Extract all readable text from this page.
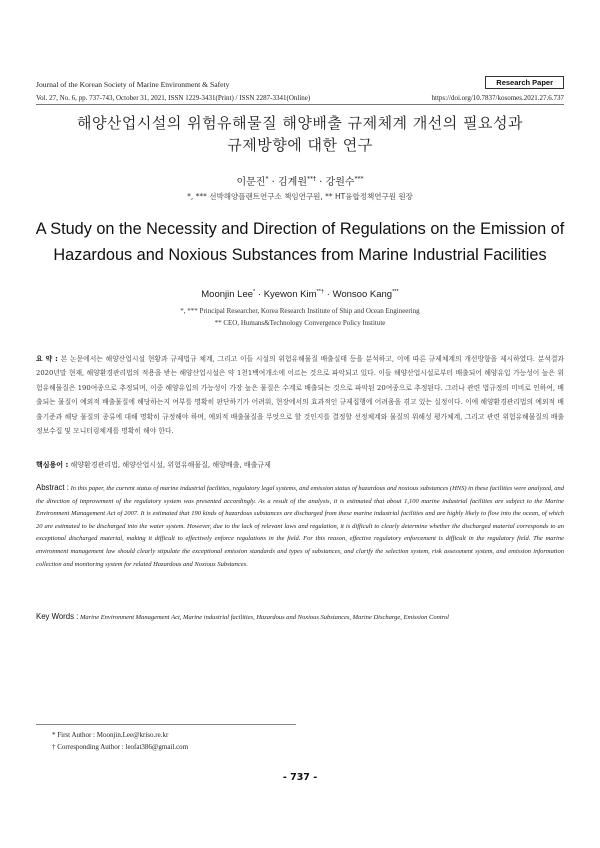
Journal of the Korean Society of Marine Environment & Safety	Research Paper
Vol. 27, No. 6, pp. 737-743, October 31, 2021, ISSN 1229-3431(Print) / ISSN 2287-3341(Online)	https://doi.org/10.7837/kosomes.2021.27.6.737
해양산업시설의 위험유해물질 해양배출 규제체계 개선의 필요성과
규제방향에 대한 연구
이문진* · 김계원**† · 강원수***
*, *** 선박해양플랜트연구소 책임연구원, ** HT융합정책연구원 원장
A Study on the Necessity and Direction of Regulations on the Emission of
Hazardous and Noxious Substances from Marine Industrial Facilities
Moonjin Lee* · Kyewon Kim**† · Wonsoo Kang***
*, *** Principal Researcher, Korea Research Institute of Ship and Ocean Engineering
** CEO, Humans&Technology Convergence Policy Institute
요 약 : 본 논문에서는 해양산업시설 현황과 규제법규 체계, 그리고 이들 시설의 위험유해물질 배출실태 등을 분석하고, 이에 따른 규제체계의 개선방향을 제시하였다. 분석결과 2020년말 현재, 해양환경관리법의 적용을 받는 해양산업시설은 약 1천1백여개소에 이르는 것으로 파악되고 있다. 이들 해양산업시설로부터 배출되어 해양유입 가능성이 높은 위험유해물질은 190여종으로 추정되며, 이중 해양유입의 가능성이 가장 높은 물질은 수계로 배출되는 것으로 파악된 20여종으로 추정된다. 그러나 관련 법규정의 미비로 인하여, 배출되는 물질이 예외적 배출물질에 해당하는지 여부를 명확히 판단하기가 어려워, 현장에서의 효과적인 규제집행에 어려움을 겪고 있는 실정이다. 이에 해양환경관리법의 예외적 배출기준과 해당 물질의 종류에 대해 명확히 규정해야 하며, 예외적 배출물질을 무엇으로 할 것인지를 결정할 선정체계와 물질의 위해성 평가체계, 그리고 관련 위험유해물질의 배출정보수집 및 모니터링체계를 명확히 해야 한다.
핵심용어 : 해양환경관리법, 해양산업시설, 위험유해물질, 해양배출, 배출규제
Abstract : In this paper, the current status of marine industrial facilities, regulatory legal systems, and emission status of hazardous and noxious substances (HNS) in these facilities were analyzed, and the direction of improvement of the regulatory system was presented accordingly. As a result of the analysis, it is estimated that about 1,100 marine industrial facilities are subject to the Marine Environment Management Act of 2007. It is estimated that 190 kinds of hazardous substances are discharged from these marine industrial facilities and are highly likely to flow into the ocean, of which 20 are estimated to be discharged into the water system. However, due to the lack of relevant laws and regulation, it is difficult to clearly determine whether the discharged material corresponds to an exceptional discharged material, making it difficult to effectively enforce regulations in the field. For this reason, effective regulatory enforcement is difficult in the regulatory field. The marine environment management law should clearly stipulate the exceptional emission standards and types of substances, and clarify the selection system, risk assessment system, and emission information collection and monitoring system for related Hazardous and Noxious Substances.
Key Words : Marine Environment Management Act, Marine industrial facilities, Hazardous and Noxious Substances, Marine Discharge, Emission Control
* First Author : Moonjin.Lee@kriso.re.kr
† Corresponding Author : leofat386@gmail.com
- 737 -
